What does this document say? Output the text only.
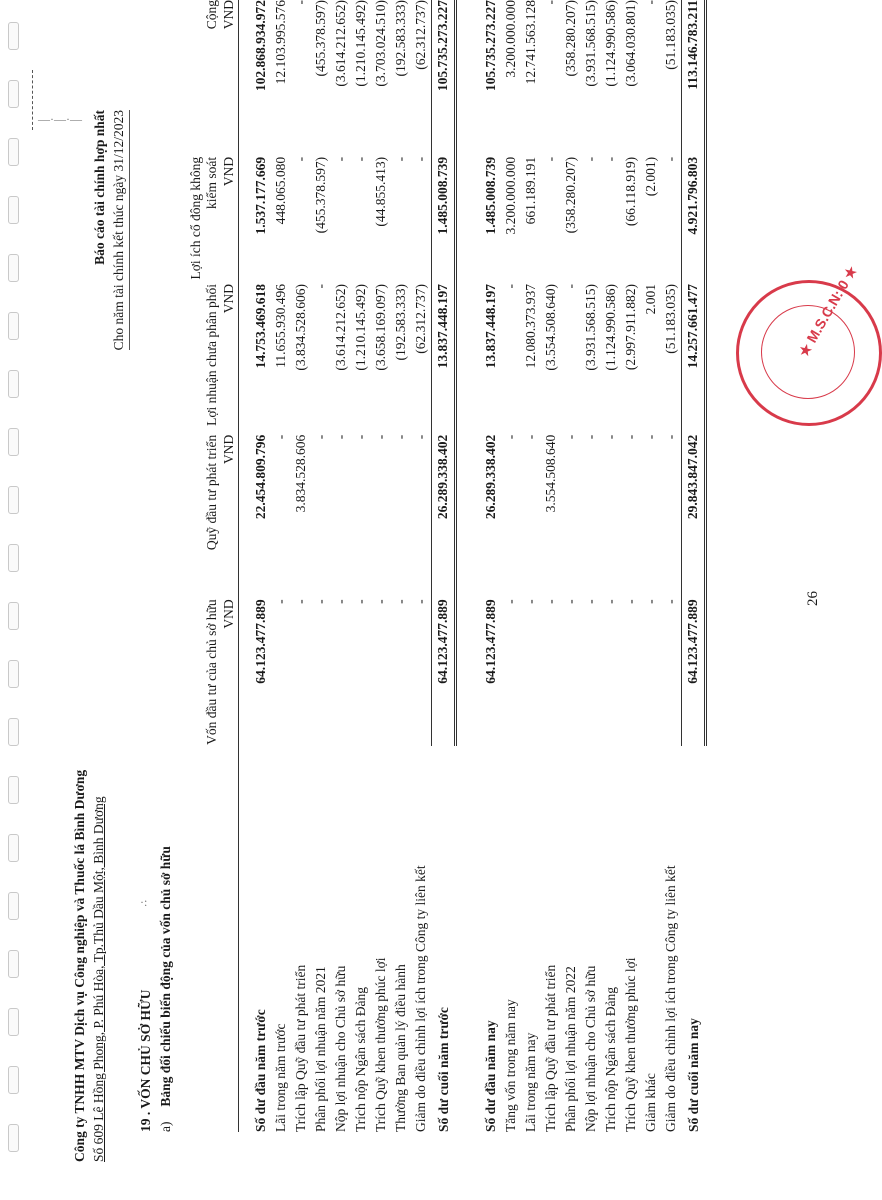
—·—·—
·:
Công ty TNHH MTV Dịch vụ Công nghiệp và Thuốc lá Bình Dương Số 609 Lê Hồng Phong, P. Phú Hòa, Tp.Thủ Dầu Một, Bình Dương
Báo cáo tài chính hợp nhất Cho năm tài chính kết thúc ngày 31/12/2023
19 . VỐN CHỦ SỞ HỮU
a) Bảng đối chiếu biến động của vốn chủ sở hữu
	Vốn đầu tư của chủ sở hữu	Quỹ đầu tư phát triển	Lợi nhuận chưa phân phối	Lợi ích cổ đông không kiểm soát	Cộng
	VND	VND	VND	VND	VND

Số dư đầu năm trước	64.123.477.889	22.454.809.796	14.753.469.618	1.537.177.669	102.868.934.972
Lãi trong năm trước	-	-	11.655.930.496	448.065.080	12.103.995.576
Trích lập Quỹ đầu tư phát triển	-	3.834.528.606	(3.834.528.606)	-	-
Phân phối lợi nhuận năm 2021	-	-	-	(455.378.597)	(455.378.597)
Nộp lợi nhuận cho Chủ sở hữu	-	-	(3.614.212.652)	-	(3.614.212.652)
Trích nộp Ngân sách Đảng	-	-	(1.210.145.492)	-	(1.210.145.492)
Trích Quỹ khen thưởng phúc lợi	-	-	(3.658.169.097)	(44.855.413)	(3.703.024.510)
Thưởng Ban quản lý điều hành	-	-	(192.583.333)	-	(192.583.333)
Giảm do điều chỉnh lợi ích trong Công ty liên kết	-	-	(62.312.737)	-	(62.312.737)
Số dư cuối năm trước	64.123.477.889	26.289.338.402	13.837.448.197	1.485.008.739	105.735.273.227

Số dư đầu năm nay	64.123.477.889	26.289.338.402	13.837.448.197	1.485.008.739	105.735.273.227
Tăng vốn trong năm nay	-	-	-	3.200.000.000	3.200.000.000
Lãi trong năm nay	-	-	12.080.373.937	661.189.191	12.741.563.128
Trích lập Quỹ đầu tư phát triển	-	3.554.508.640	(3.554.508.640)	-	-
Phân phối lợi nhuận năm 2022	-	-	-	(358.280.207)	(358.280.207)
Nộp lợi nhuận cho Chủ sở hữu	-	-	(3.931.568.515)	-	(3.931.568.515)
Trích nộp Ngân sách Đảng	-	-	(1.124.990.586)	-	(1.124.990.586)
Trích Quỹ khen thưởng phúc lợi	-	-	(2.997.911.882)	(66.118.919)	(3.064.030.801)
Giảm khác	-	-	2.001	(2.001)	-
Giảm do điều chỉnh lợi ích trong Công ty liên kết	-	-	(51.183.035)	-	(51.183.035)
Số dư cuối năm nay	64.123.477.889	29.843.847.042	14.257.661.477	4.921.796.803	113.146.783.211
26
★ M.S.C.N: 0 ★
